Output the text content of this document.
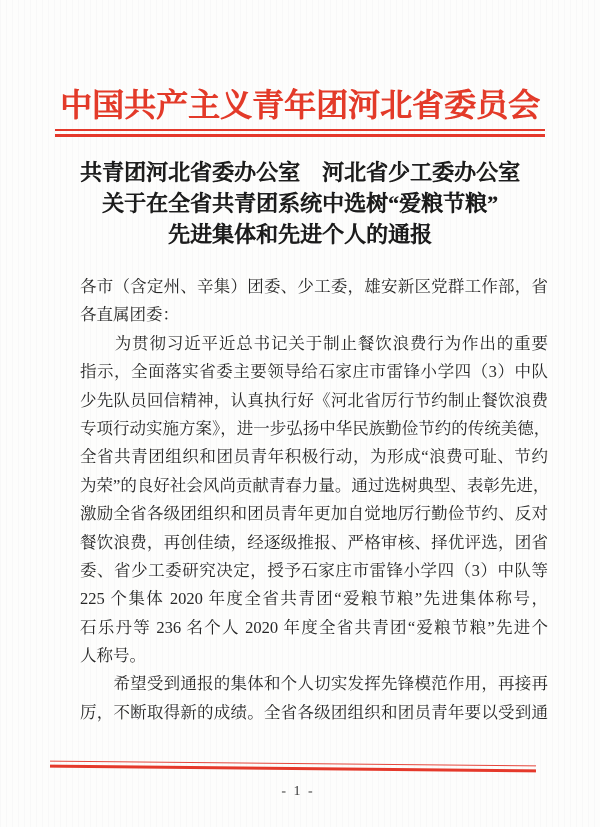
中国共产主义青年团河北省委员会
共青团河北省委办公室　河北省少工委办公室
关于在全省共青团系统中选树“爱粮节粮”
先进集体和先进个人的通报
各市（含定州、辛集）团委、少工委，雄安新区党群工作部，省
各直属团委：
　　为贯彻习近平近总书记关于制止餐饮浪费行为作出的重要
指示，全面落实省委主要领导给石家庄市雷锋小学四（3）中队
少先队员回信精神，认真执行好《河北省厉行节约制止餐饮浪费
专项行动实施方案》，进一步弘扬中华民族勤俭节约的传统美德，
全省共青团组织和团员青年积极行动，为形成“浪费可耻、节约
为荣”的良好社会风尚贡献青春力量。通过选树典型、表彰先进，
激励全省各级团组织和团员青年更加自觉地厉行勤俭节约、反对
餐饮浪费，再创佳绩，经逐级推报、严格审核、择优评选，团省
委、省少工委研究决定，授予石家庄市雷锋小学四（3）中队等
225 个集体 2020 年度全省共青团“爱粮节粮”先进集体称号，
石乐丹等 236 名个人 2020 年度全省共青团“爱粮节粮”先进个
人称号。
　　希望受到通报的集体和个人切实发挥先锋模范作用，再接再
厉，不断取得新的成绩。全省各级团组织和团员青年要以受到通
- 1 -
